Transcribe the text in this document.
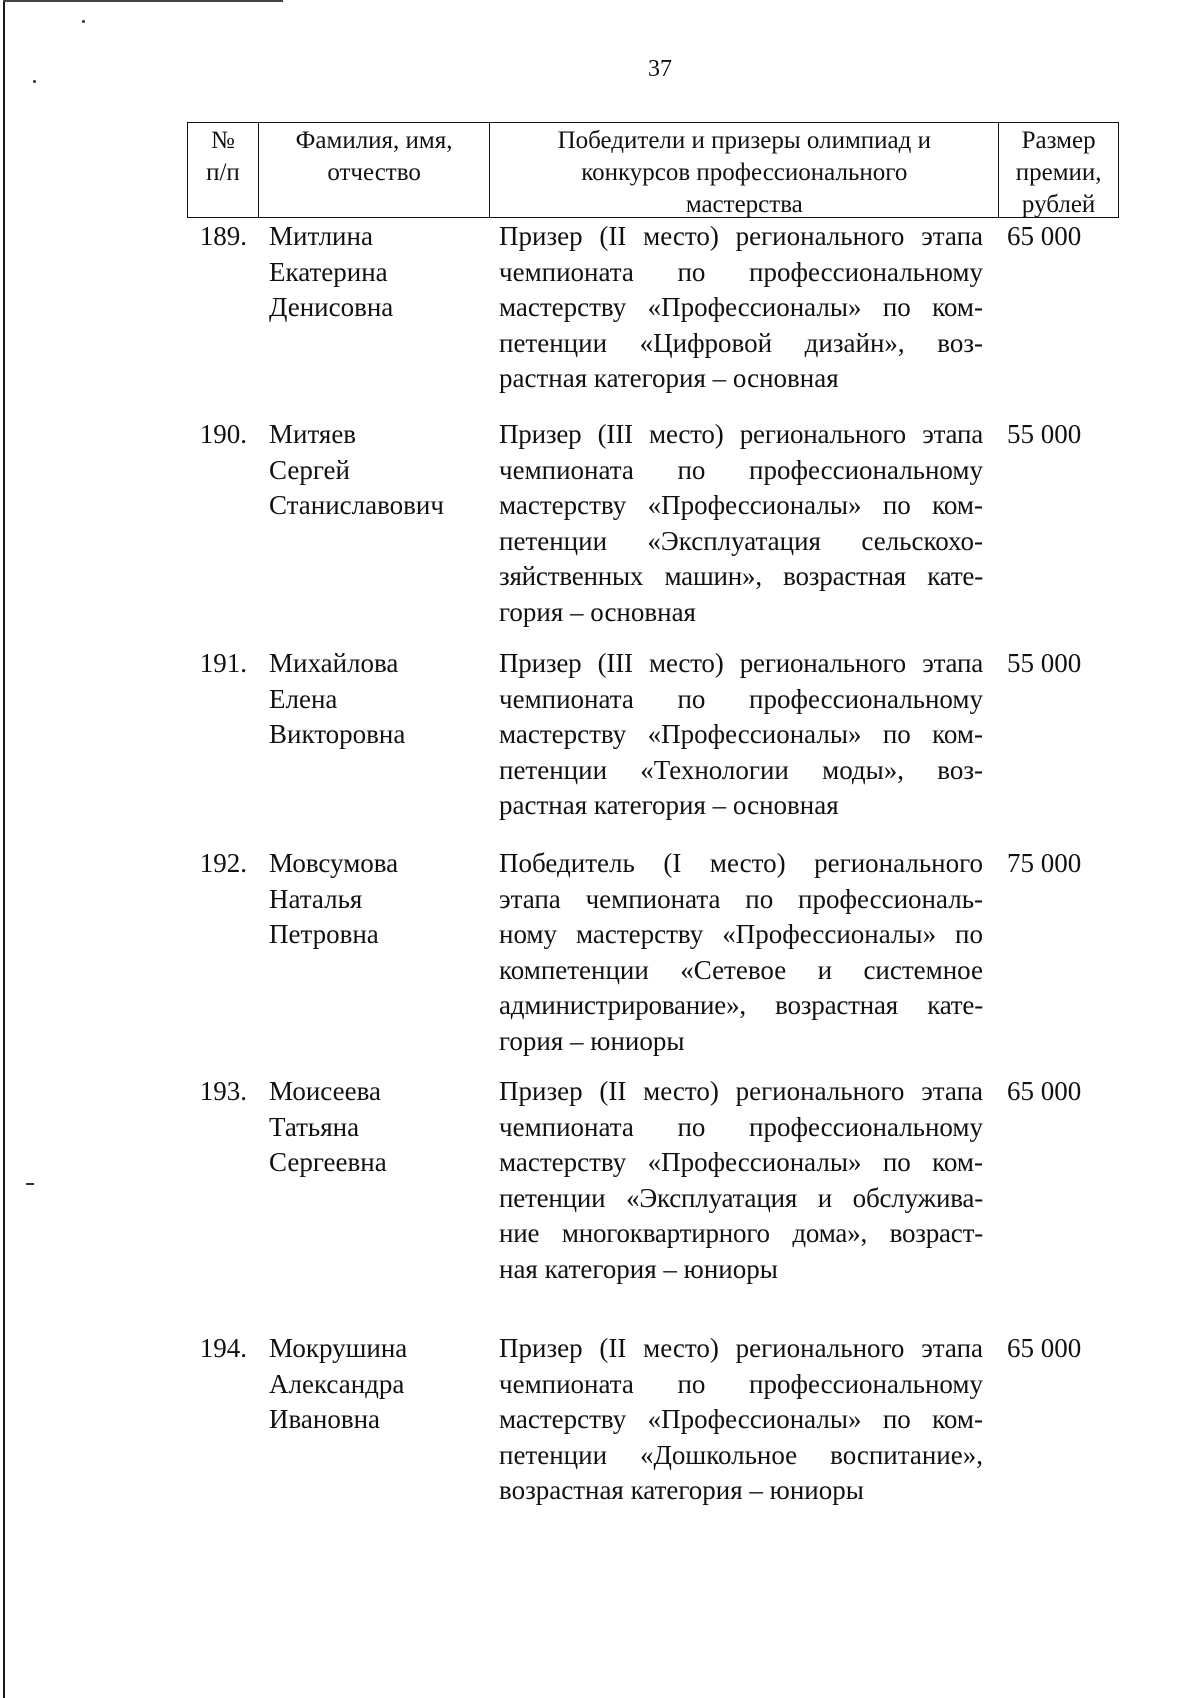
37
№
п/п
Фамилия, имя,
отчество
Победители и призеры олимпиад и
конкурсов профессионального
мастерства
Размер
премии,
рублей
189. Митлина
Екатерина
Денисовна
Призер (II место) регионального этапа
чемпионата по профессиональному
мастерству «Профессионалы» по ком-
петенции «Цифровой дизайн», воз-
растная категория – основная
65 000
190. Митяев
Сергей
Станиславович
Призер (III место) регионального этапа
чемпионата по профессиональному
мастерству «Профессионалы» по ком-
петенции «Эксплуатация сельскохо-
зяйственных машин», возрастная кате-
гория – основная
55 000
191. Михайлова
Елена
Викторовна
Призер (III место) регионального этапа
чемпионата по профессиональному
мастерству «Профессионалы» по ком-
петенции «Технологии моды», воз-
растная категория – основная
55 000
192. Мовсумова
Наталья
Петровна
Победитель (I место) регионального
этапа чемпионата по профессиональ-
ному мастерству «Профессионалы» по
компетенции «Сетевое и системное
администрирование», возрастная кате-
гория – юниоры
75 000
193. Моисеева
Татьяна
Сергеевна
Призер (II место) регионального этапа
чемпионата по профессиональному
мастерству «Профессионалы» по ком-
петенции «Эксплуатация и обслужива-
ние многоквартирного дома», возраст-
ная категория – юниоры
65 000
194. Мокрушина
Александра
Ивановна
Призер (II место) регионального этапа
чемпионата по профессиональному
мастерству «Профессионалы» по ком-
петенции «Дошкольное воспитание»,
возрастная категория – юниоры
65 000
